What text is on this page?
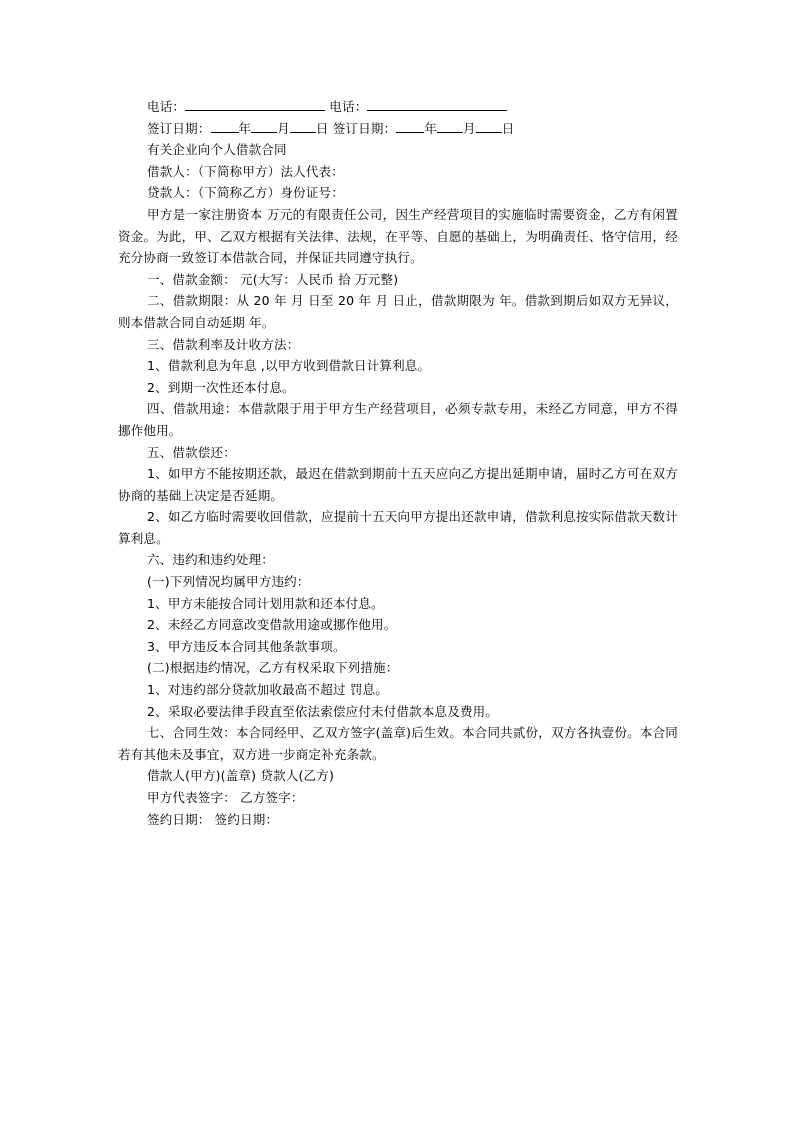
电话：	电话：
签订日期： 年 月 日 签订日期： 年 月 日
有关企业向个人借款合同
借款人：（下简称甲方）法人代表：
贷款人：（下简称乙方）身份证号：
甲方是一家注册资本 万元的有限责任公司，因生产经营项目的实施临时需要资金，乙方有闲置资金。为此，甲、乙双方根据有关法律、法规，在平等、自愿的基础上，为明确责任、恪守信用，经充分协商一致签订本借款合同，并保证共同遵守执行。
一、借款金额： 元(大写：人民币 拾 万元整)
二、借款期限：从 20 年 月 日至 20 年 月 日止，借款期限为 年。借款到期后如双方无异议，则本借款合同自动延期 年。
三、借款利率及计收方法：
1、借款利息为年息 ,以甲方收到借款日计算利息。
2、到期一次性还本付息。
四、借款用途：本借款限于用于甲方生产经营项目，必须专款专用，未经乙方同意，甲方不得挪作他用。
五、借款偿还：
1、如甲方不能按期还款，最迟在借款到期前十五天应向乙方提出延期申请，届时乙方可在双方协商的基础上决定是否延期。
2、如乙方临时需要收回借款，应提前十五天向甲方提出还款申请，借款利息按实际借款天数计算利息。
六、违约和违约处理：
(一)下列情况均属甲方违约：
1、甲方未能按合同计划用款和还本付息。
2、未经乙方同意改变借款用途或挪作他用。
3、甲方违反本合同其他条款事项。
(二)根据违约情况，乙方有权采取下列措施：
1、对违约部分贷款加收最高不超过 罚息。
2、采取必要法律手段直至依法索偿应付未付借款本息及费用。
七、合同生效：本合同经甲、乙双方签字(盖章)后生效。本合同共贰份，双方各执壹份。本合同若有其他未及事宜，双方进一步商定补充条款。
借款人(甲方)(盖章) 贷款人(乙方)
甲方代表签字： 乙方签字：
签约日期： 签约日期：
